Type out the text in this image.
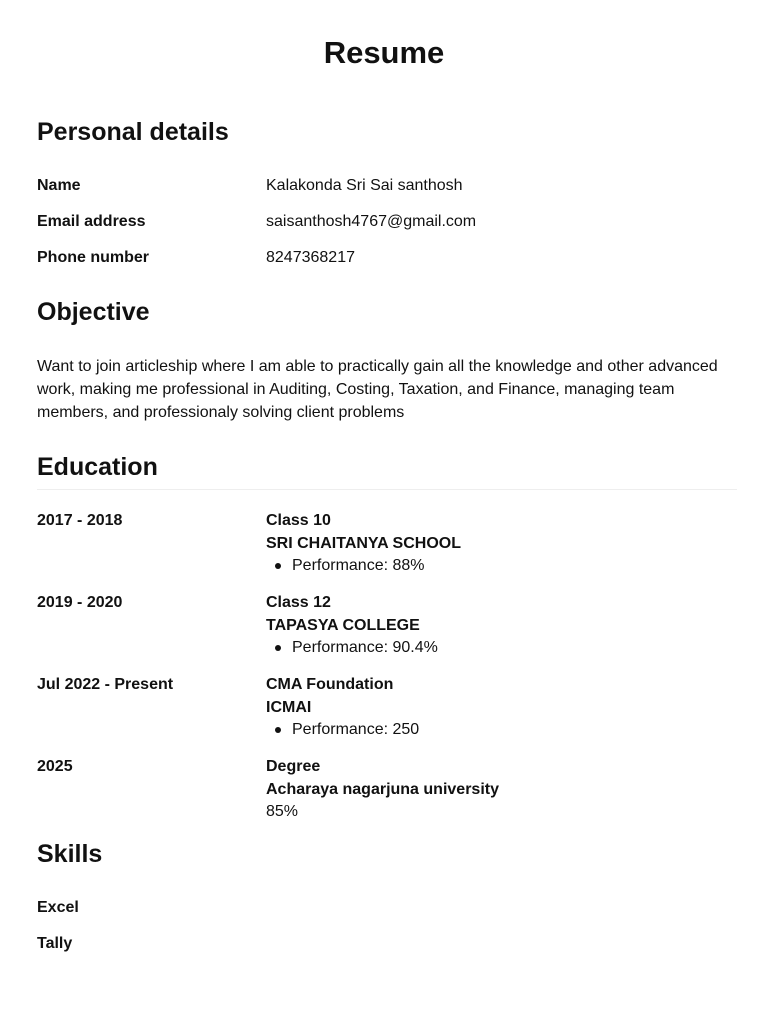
Resume
Personal details
Name	Kalakonda Sri Sai santhosh
Email address	saisanthosh4767@gmail.com
Phone number	8247368217
Objective
Want to join articleship where I am able to practically gain all the knowledge and other advanced work, making me professional in Auditing, Costing, Taxation, and Finance, managing team members, and professionaly solving client problems
Education
2017 - 2018	Class 10
SRI CHAITANYA SCHOOL
Performance: 88%
2019 - 2020	Class 12
TAPASYA COLLEGE
Performance: 90.4%
Jul 2022 - Present	CMA Foundation
ICMAI
Performance: 250
2025	Degree
Acharaya nagarjuna university
85%
Skills
Excel
Tally
